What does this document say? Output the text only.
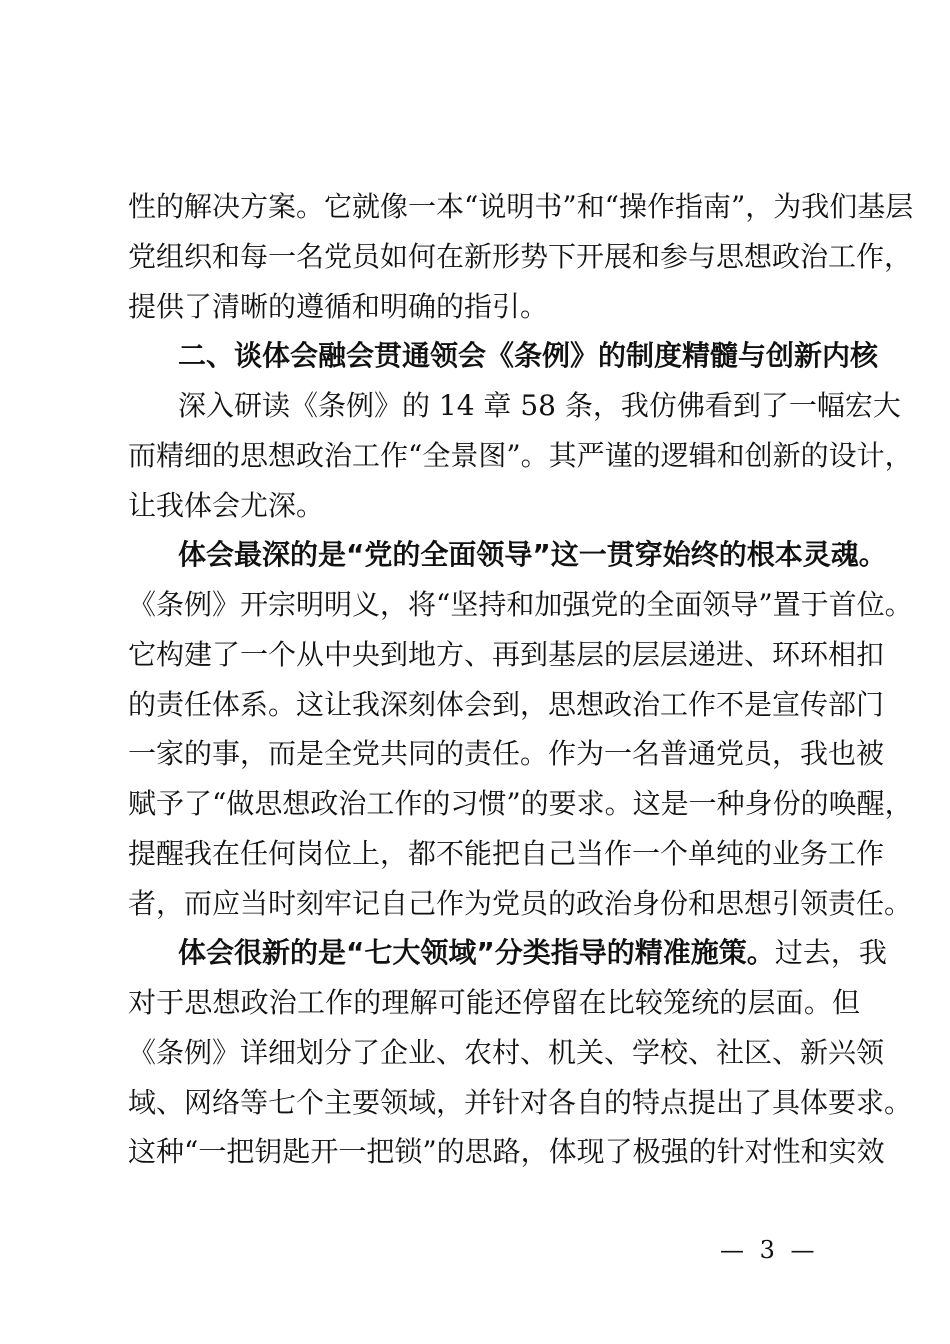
性的解决方案。它就像一本“说明书”和“操作指南”，为我们基层
党组织和每一名党员如何在新形势下开展和参与思想政治工作，
提供了清晰的遵循和明确的指引。
二、谈体会融会贯通领会《条例》的制度精髓与创新内核
深入研读《条例》的 14 章 58 条，我仿佛看到了一幅宏大
而精细的思想政治工作“全景图”。其严谨的逻辑和创新的设计，
让我体会尤深。
体会最深的是“党的全面领导”这一贯穿始终的根本灵魂。
《条例》开宗明明义，将“坚持和加强党的全面领导”置于首位。
它构建了一个从中央到地方、再到基层的层层递进、环环相扣
的责任体系。这让我深刻体会到，思想政治工作不是宣传部门
一家的事，而是全党共同的责任。作为一名普通党员，我也被
赋予了“做思想政治工作的习惯”的要求。这是一种身份的唤醒，
提醒我在任何岗位上，都不能把自己当作一个单纯的业务工作
者，而应当时刻牢记自己作为党员的政治身份和思想引领责任。
体会很新的是“七大领域”分类指导的精准施策。 过去，我
对于思想政治工作的理解可能还停留在比较笼统的层面。但
《条例》详细划分了企业、农村、机关、学校、社区、新兴领
域、网络等七个主要领域，并针对各自的特点提出了具体要求。
这种“一把钥匙开一把锁”的思路，体现了极强的针对性和实效
— 3 —
